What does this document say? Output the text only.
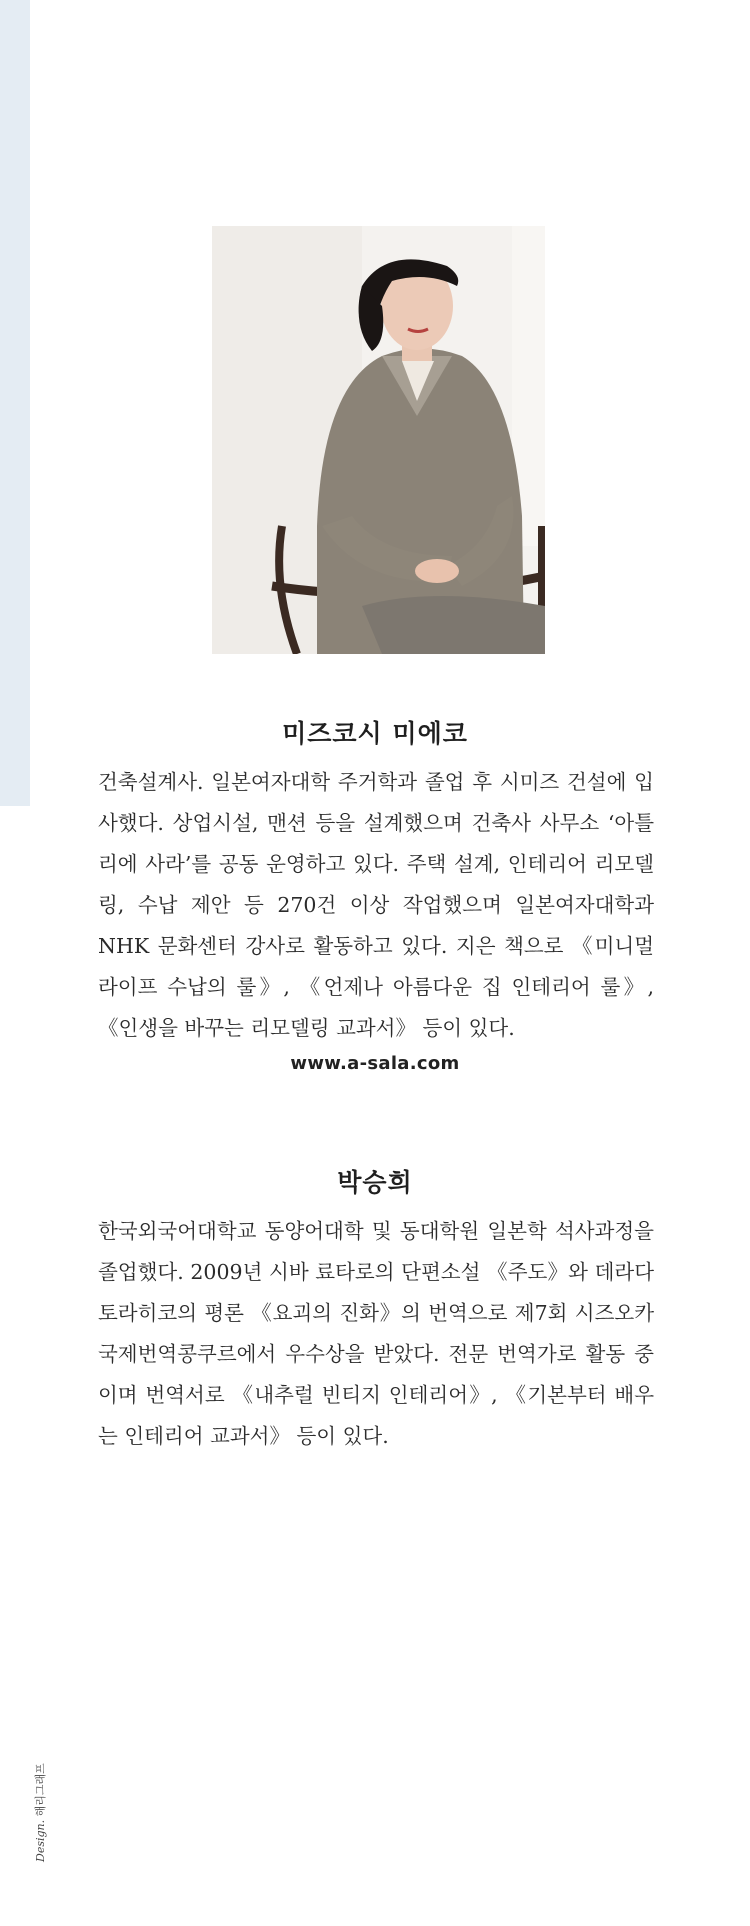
미즈코시 미에코

건축설계사. 일본여자대학 주거학과 졸업 후 시미즈 건설에 입사했다. 상업시설, 맨션 등을 설계했으며 건축사 사무소 ‘아틀리에 사라’를 공동 운영하고 있다. 주택 설계, 인테리어 리모델링, 수납 제안 등 270건 이상 작업했으며 일본여자대학과 NHK 문화센터 강사로 활동하고 있다. 지은 책으로 《미니멀라이프 수납의 룰》, 《언제나 아름다운 집 인테리어 룰》, 《인생을 바꾸는 리모델링 교과서》 등이 있다.

www.a-sala.com
박승희

한국외국어대학교 동양어대학 및 동대학원 일본학 석사과정을 졸업했다. 2009년 시바 료타로의 단편소설 《주도》와 데라다 토라히코의 평론 《요괴의 진화》의 번역으로 제7회 시즈오카 국제번역콩쿠르에서 우수상을 받았다. 전문 번역가로 활동 중이며 번역서로 《내추럴 빈티지 인테리어》, 《기본부터 배우는 인테리어 교과서》 등이 있다.

Design. 해리그래프
